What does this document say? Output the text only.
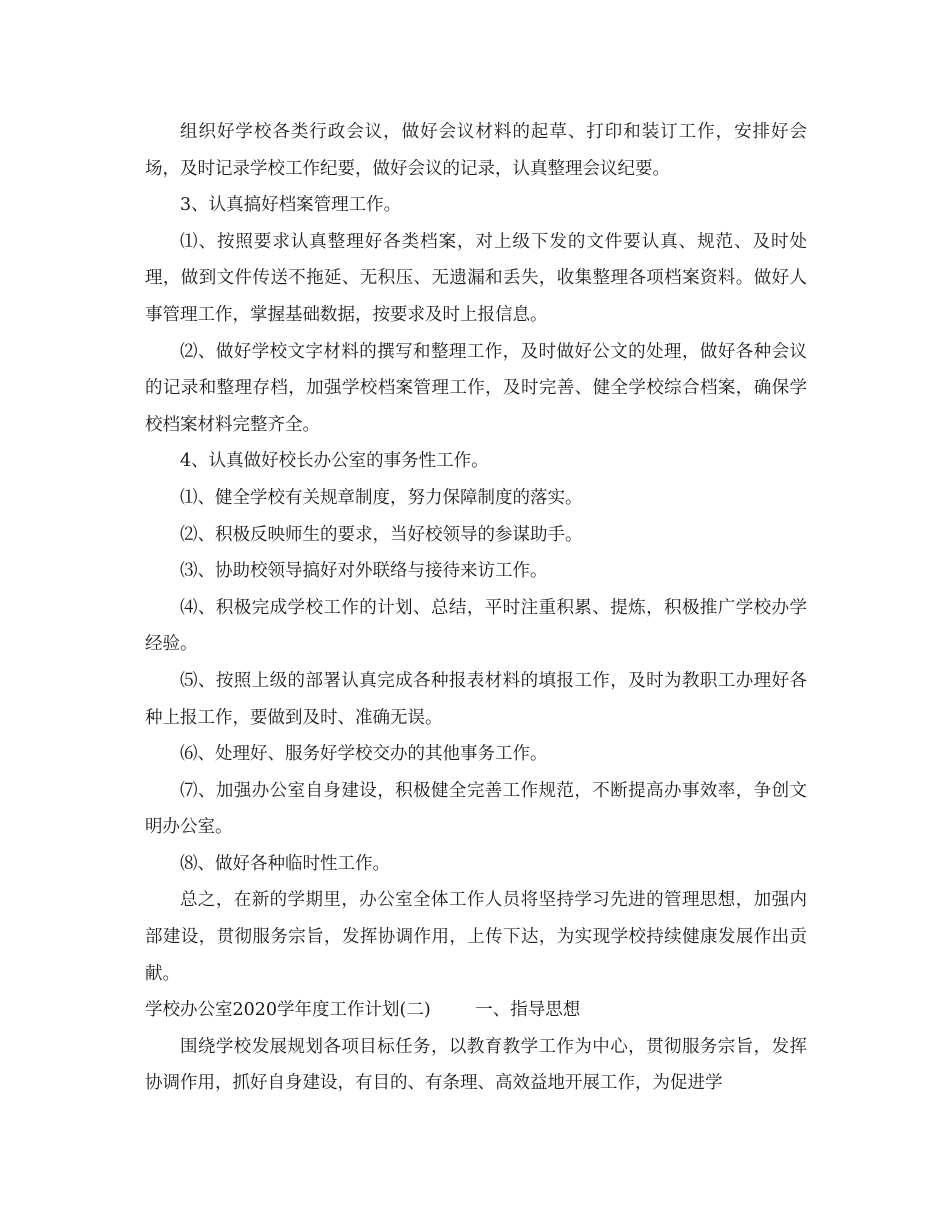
组织好学校各类行政会议，做好会议材料的起草、打印和装订工作，安排好会场，及时记录学校工作纪要，做好会议的记录，认真整理会议纪要。

3、认真搞好档案管理工作。

⑴、按照要求认真整理好各类档案，对上级下发的文件要认真、规范、及时处理，做到文件传送不拖延、无积压、无遗漏和丢失，收集整理各项档案资料。做好人事管理工作，掌握基础数据，按要求及时上报信息。

⑵、做好学校文字材料的撰写和整理工作，及时做好公文的处理，做好各种会议的记录和整理存档，加强学校档案管理工作，及时完善、健全学校综合档案，确保学校档案材料完整齐全。

4、认真做好校长办公室的事务性工作。

⑴、健全学校有关规章制度，努力保障制度的落实。

⑵、积极反映师生的要求，当好校领导的参谋助手。

⑶、协助校领导搞好对外联络与接待来访工作。

⑷、积极完成学校工作的计划、总结，平时注重积累、提炼，积极推广学校办学经验。

⑸、按照上级的部署认真完成各种报表材料的填报工作，及时为教职工办理好各种上报工作，要做到及时、准确无误。

⑹、处理好、服务好学校交办的其他事务工作。

⑺、加强办公室自身建设，积极健全完善工作规范，不断提高办事效率，争创文明办公室。

⑻、做好各种临时性工作。

总之，在新的学期里，办公室全体工作人员将坚持学习先进的管理思想，加强内部建设，贯彻服务宗旨，发挥协调作用，上传下达，为实现学校持续健康发展作出贡献。

学校办公室2020学年度工作计划(二)	一、指导思想

围绕学校发展规划各项目标任务，以教育教学工作为中心，贯彻服务宗旨，发挥协调作用，抓好自身建设，有目的、有条理、高效益地开展工作，为促进学
